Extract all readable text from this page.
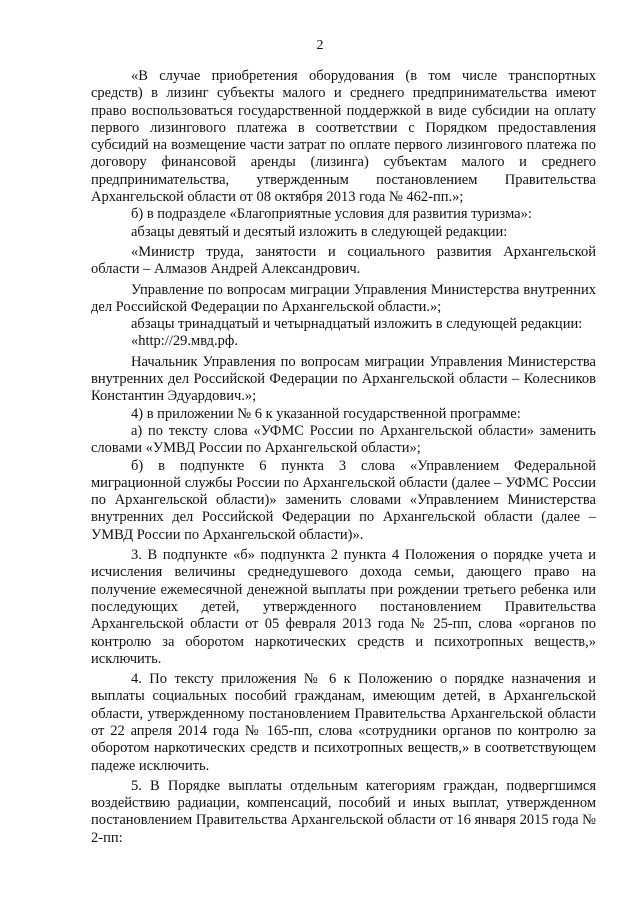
2

«В случае приобретения оборудования (в том числе транспортных средств) в лизинг субъекты малого и среднего предпринимательства имеют право воспользоваться государственной поддержкой в виде субсидии на оплату первого лизингового платежа в соответствии с Порядком предоставления субсидий на возмещение части затрат по оплате первого лизингового платежа по договору финансовой аренды (лизинга) субъектам малого и среднего предпринимательства, утвержденным постановлением Правительства Архангельской области от 08 октября 2013 года № 462-пп.»;

б) в подразделе «Благоприятные условия для развития туризма»:

абзацы девятый и десятый изложить в следующей редакции:

«Министр труда, занятости и социального развития Архангельской области – Алмазов Андрей Александрович.

Управление по вопросам миграции Управления Министерства внутренних дел Российской Федерации по Архангельской области.»;

абзацы тринадцатый и четырнадцатый изложить в следующей редакции:

«http://29.мвд.рф.

Начальник Управления по вопросам миграции Управления Министерства внутренних дел Российской Федерации по Архангельской области – Колесников Константин Эдуардович.»;

4) в приложении № 6 к указанной государственной программе:

а) по тексту слова «УФМС России по Архангельской области» заменить словами «УМВД России по Архангельской области»;

б) в подпункте 6 пункта 3 слова «Управлением Федеральной миграционной службы России по Архангельской области (далее – УФМС России по Архангельской области)» заменить словами «Управлением Министерства внутренних дел Российской Федерации по Архангельской области (далее – УМВД России по Архангельской области)».

3. В подпункте «б» подпункта 2 пункта 4 Положения о порядке учета и исчисления величины среднедушевого дохода семьи, дающего право на получение ежемесячной денежной выплаты при рождении третьего ребенка или последующих детей, утвержденного постановлением Правительства Архангельской области от 05 февраля 2013 года № 25-пп, слова «органов по контролю за оборотом наркотических средств и психотропных веществ,» исключить.

4. По тексту приложения № 6 к Положению о порядке назначения и выплаты социальных пособий гражданам, имеющим детей, в Архангельской области, утвержденному постановлением Правительства Архангельской области от 22 апреля 2014 года № 165-пп, слова «сотрудники органов по контролю за оборотом наркотических средств и психотропных веществ,» в соответствующем падеже исключить.

5. В Порядке выплаты отдельным категориям граждан, подвергшимся воздействию радиации, компенсаций, пособий и иных выплат, утвержденном постановлением Правительства Архангельской области от 16 января 2015 года № 2-пп:
